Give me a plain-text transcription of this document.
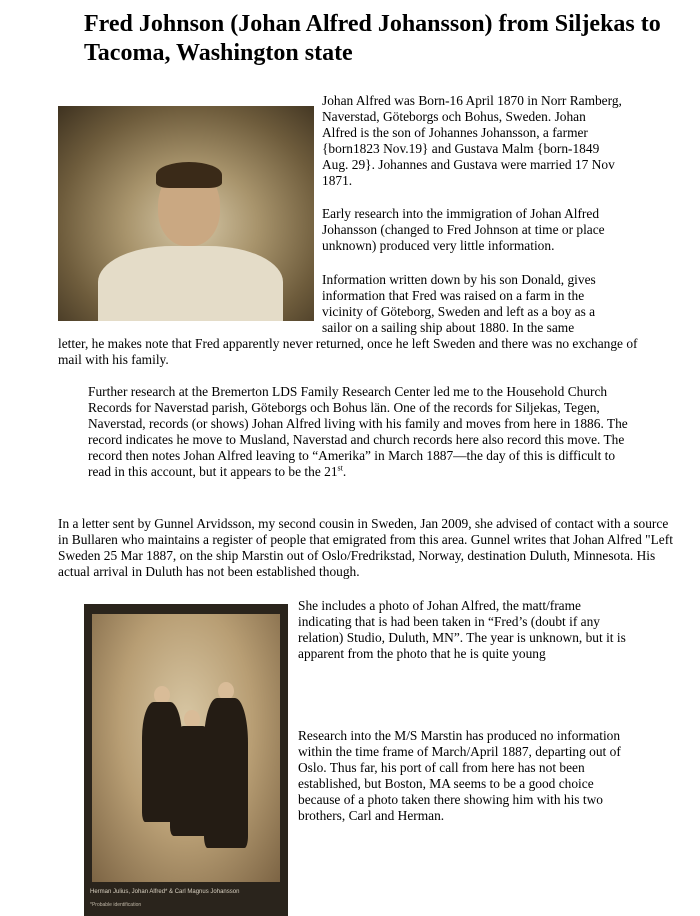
Fred Johnson (Johan Alfred Johansson) from Siljekas to Tacoma, Washington state

Johan Alfred was Born-16 April 1870 in Norr Ramberg, Naverstad, Göteborgs och Bohus, Sweden. Johan Alfred is the son of Johannes Johansson, a farmer {born1823 Nov.19} and Gustava Malm {born-1849 Aug. 29}. Johannes and Gustava were married 17 Nov 1871.

Early research into the immigration of Johan Alfred Johansson (changed to Fred Johnson at time or place unknown) produced very little information.

Information written down by his son Donald, gives information that Fred was raised on a farm in the vicinity of Göteborg, Sweden and left as a boy as a sailor on a sailing ship about 1880. In the same

letter, he makes note that Fred apparently never returned, once he left Sweden and there was no exchange of mail with his family.

Further research at the Bremerton LDS Family Research Center led me to the Household Church Records for Naverstad parish, Göteborgs och Bohus län. One of the records for Siljekas, Tegen, Naverstad, records (or shows) Johan Alfred living with his family and moves from here in 1886. The record indicates he move to Musland, Naverstad and church records here also record this move. The record then notes Johan Alfred leaving to “Amerika” in March 1887—the day of this is difficult to read in this account, but it appears to be the 21st.

In a letter sent by Gunnel Arvidsson, my second cousin in Sweden, Jan 2009, she advised of contact with a source in Bullaren who maintains a register of people that emigrated from this area. Gunnel writes that Johan Alfred "Left Sweden 25 Mar 1887, on the ship Marstin out of Oslo/Fredrikstad, Norway, destination Duluth, Minnesota. His actual arrival in Duluth has not been established though.

Herman Julius, Johan Alfred* & Carl Magnus Johansson
*Probable identification

She includes a photo of Johan Alfred, the matt/frame indicating that is had been taken in “Fred’s (doubt if any relation) Studio, Duluth, MN”. The year is unknown, but it is apparent from the photo that he is quite young

Research into the M/S Marstin has produced no information within the time frame of March/April 1887, departing out of Oslo. Thus far, his port of call from here has not been established, but Boston, MA seems to be a good choice because of a photo taken there showing him with his two brothers, Carl and Herman.
